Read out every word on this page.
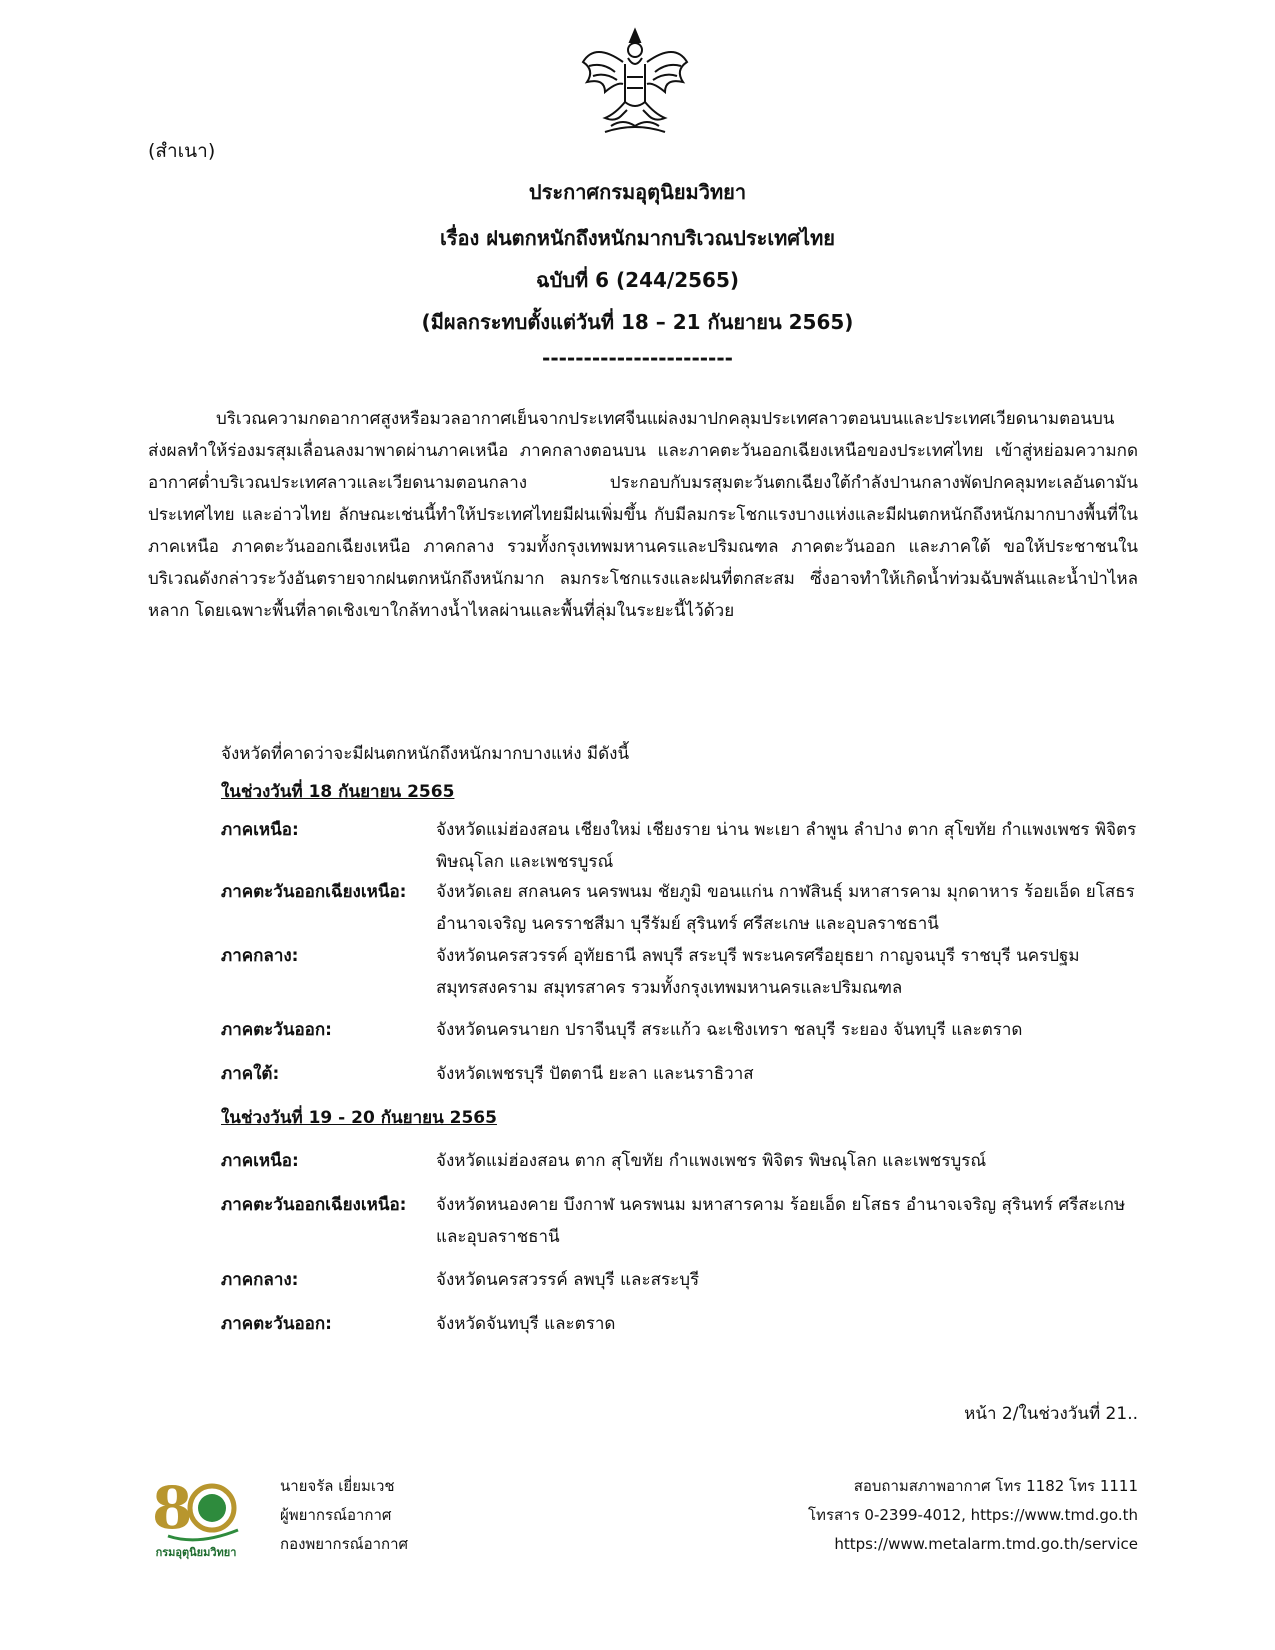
(สำเนา)
ประกาศกรมอุตุนิยมวิทยา
เรื่อง ฝนตกหนักถึงหนักมากบริเวณประเทศไทย
ฉบับที่ 6 (244/2565)
(มีผลกระทบตั้งแต่วันที่ 18 – 21 กันยายน 2565)
-----------------------
บริเวณความกดอากาศสูงหรือมวลอากาศเย็นจากประเทศจีนแผ่ลงมาปกคลุมประเทศลาวตอนบนและประเทศเวียดนามตอนบน ส่งผลทำให้ร่องมรสุมเลื่อนลงมาพาดผ่านภาคเหนือ ภาคกลางตอนบน และภาคตะวันออกเฉียงเหนือของประเทศไทย เข้าสู่หย่อมความกดอากาศต่ำบริเวณประเทศลาวและเวียดนามตอนกลาง ประกอบกับมรสุมตะวันตกเฉียงใต้กำลังปานกลางพัดปกคลุมทะเลอันดามัน ประเทศไทย และอ่าวไทย ลักษณะเช่นนี้ทำให้ประเทศไทยมีฝนเพิ่มขึ้น กับมีลมกระโชกแรงบางแห่งและมีฝนตกหนักถึงหนักมากบางพื้นที่ในภาคเหนือ ภาคตะวันออกเฉียงเหนือ ภาคกลาง รวมทั้งกรุงเทพมหานครและปริมณฑล ภาคตะวันออก และภาคใต้ ขอให้ประชาชนในบริเวณดังกล่าวระวังอันตรายจากฝนตกหนักถึงหนักมาก ลมกระโชกแรงและฝนที่ตกสะสม ซึ่งอาจทำให้เกิดน้ำท่วมฉับพลันและน้ำป่าไหลหลาก โดยเฉพาะพื้นที่ลาดเชิงเขาใกล้ทางน้ำไหลผ่านและพื้นที่ลุ่มในระยะนี้ไว้ด้วย
จังหวัดที่คาดว่าจะมีฝนตกหนักถึงหนักมากบางแห่ง มีดังนี้
ในช่วงวันที่ 18 กันยายน 2565
ภาคเหนือ:	จังหวัดแม่ฮ่องสอน เชียงใหม่ เชียงราย น่าน พะเยา ลำพูน ลำปาง ตาก สุโขทัย กำแพงเพชร พิจิตร พิษณุโลก และเพชรบูรณ์
ภาคตะวันออกเฉียงเหนือ:	จังหวัดเลย สกลนคร นครพนม ชัยภูมิ ขอนแก่น กาฬสินธุ์ มหาสารคาม มุกดาหาร ร้อยเอ็ด ยโสธร อำนาจเจริญ นครราชสีมา บุรีรัมย์ สุรินทร์ ศรีสะเกษ และอุบลราชธานี
ภาคกลาง:	จังหวัดนครสวรรค์ อุทัยธานี ลพบุรี สระบุรี พระนครศรีอยุธยา กาญจนบุรี ราชบุรี นครปฐม สมุทรสงคราม สมุทรสาคร รวมทั้งกรุงเทพมหานครและปริมณฑล
ภาคตะวันออก:	จังหวัดนครนายก ปราจีนบุรี สระแก้ว ฉะเชิงเทรา ชลบุรี ระยอง จันทบุรี และตราด
ภาคใต้:	จังหวัดเพชรบุรี ปัตตานี ยะลา และนราธิวาส
ในช่วงวันที่ 19 - 20 กันยายน 2565
ภาคเหนือ:	จังหวัดแม่ฮ่องสอน ตาก สุโขทัย กำแพงเพชร พิจิตร พิษณุโลก และเพชรบูรณ์
ภาคตะวันออกเฉียงเหนือ:	จังหวัดหนองคาย บึงกาฬ นครพนม มหาสารคาม ร้อยเอ็ด ยโสธร อำนาจเจริญ สุรินทร์ ศรีสะเกษ และอุบลราชธานี
ภาคกลาง:	จังหวัดนครสวรรค์ ลพบุรี และสระบุรี
ภาคตะวันออก:	จังหวัดจันทบุรี และตราด
หน้า 2/ในช่วงวันที่ 21..
8
กรมอุตุนิยมวิทยา
นายจรัล เยี่ยมเวช
ผู้พยากรณ์อากาศ
กองพยากรณ์อากาศ
สอบถามสภาพอากาศ โทร 1182 โทร 1111
โทรสาร 0-2399-4012, https://www.tmd.go.th
https://www.metalarm.tmd.go.th/service
